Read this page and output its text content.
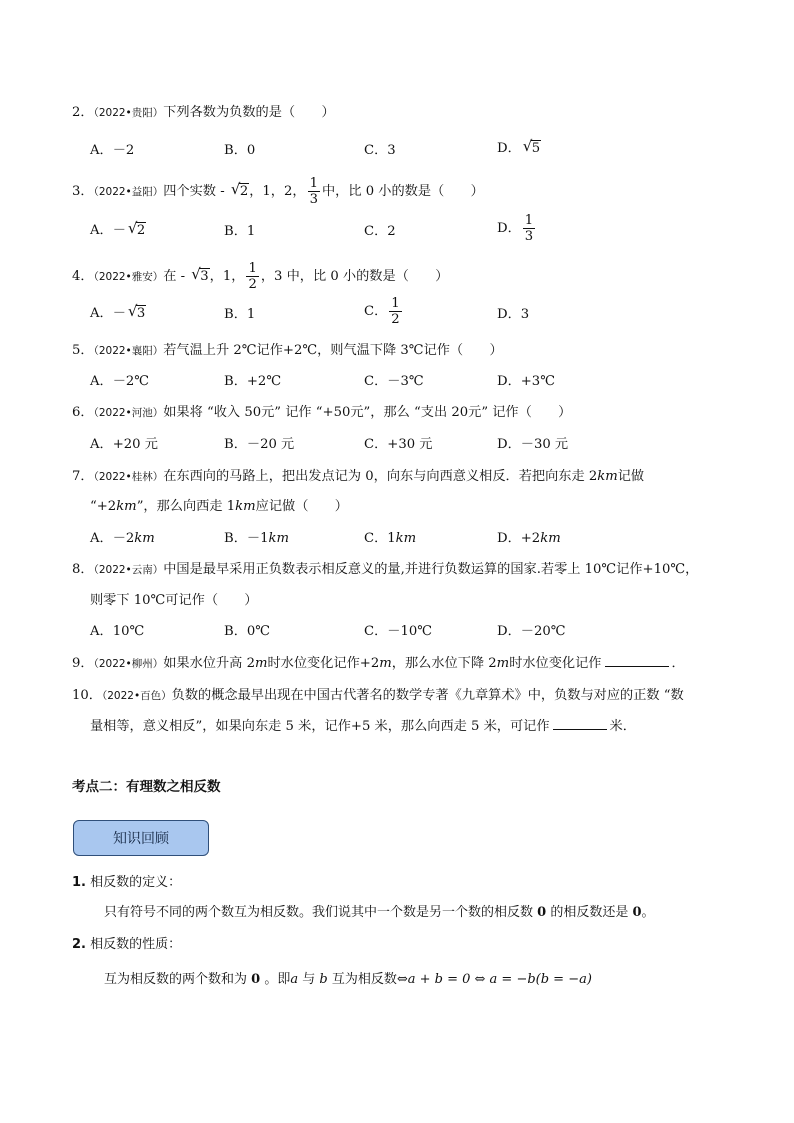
2．（2022•贵阳）下列各数为负数的是（　　）
A．－2	B．0	C．3	D． √ 5
3．（2022•益阳）四个实数 - √ 2，1，2， $\frac{1}{3}$ 中，比 0 小的数是（　　）
A．－ √ 2	B．1	C．2	D． $\frac{1}{3}$
4．（2022•雅安）在 - √ 3，1， $\frac{1}{2}$ ，3 中，比 0 小的数是（　　）
A．－ √ 3	B．1	C． $\frac{1}{2}$	D．3
5．（2022•襄阳）若气温上升 2℃记作+2℃，则气温下降 3℃记作（　　）
A．－2℃	B．+2℃	C．－3℃	D．+3℃
6．（2022•河池）如果将 “收入 50元” 记作 “+50元”，那么 “支出 20元” 记作（　　）
A．+20 元	B．－20 元	C．+30 元	D．－30 元
7．（2022•桂林）在东西向的马路上，把出发点记为 0，向东与向西意义相反．若把向东走 2km记做
“+2km”，那么向西走 1km应记做（　　）
A．－2km	B．－1km	C．1km	D．+2km
8．（2022•云南）中国是最早采用正负数表示相反意义的量,并进行负数运算的国家.若零上 10℃记作+10℃，
则零下 10℃可记作（　　）
A．10℃	B．0℃	C．－10℃	D．－20℃
9．（2022•柳州）如果水位升高 2m时水位变化记作+2m，那么水位下降 2m时水位变化记作	．
10．（2022•百色）负数的概念最早出现在中国古代著名的数学专著《九章算术》中，负数与对应的正数 “数
量相等，意义相反”，如果向东走 5 米，记作+5 米，那么向西走 5 米，可记作	米．
考点二：有理数之相反数
知识回顾
1. 相反数的定义：
只有符号不同的两个数互为相反数。我们说其中一个数是另一个数的相反数 0 的相反数还是 0。
2. 相反数的性质：
互为相反数的两个数和为 0 。即a 与 b 互为相反数⇔a + b = 0 ⇔ a = −b(b = −a)
